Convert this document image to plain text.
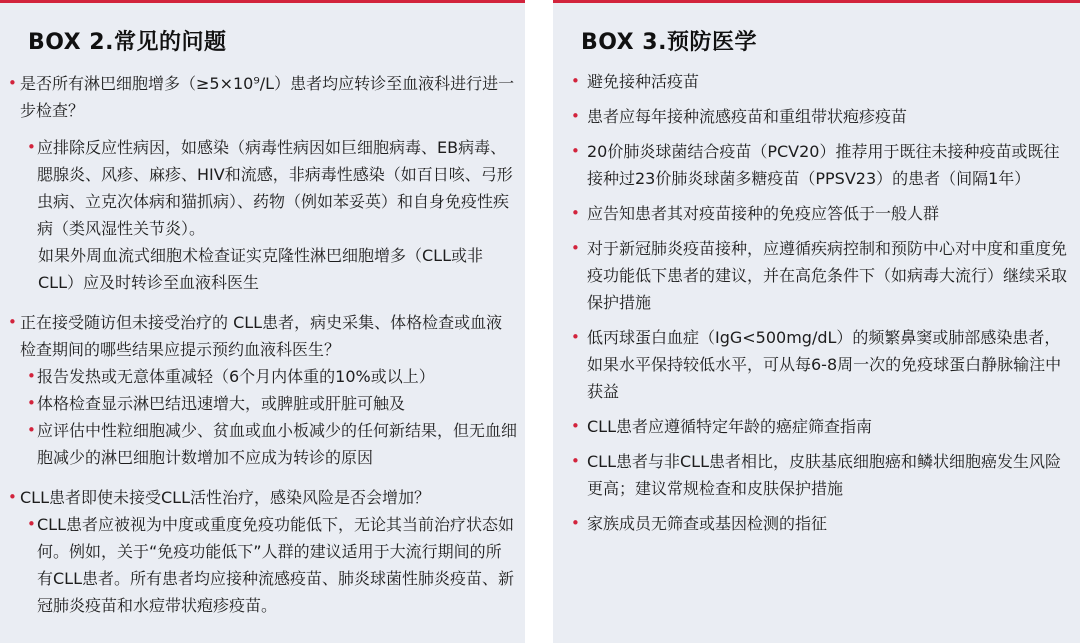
BOX 2.常见的问题
• 是否所有淋巴细胞增多（≥5×10⁹/L）患者均应转诊至血液科进行进一步检查？
• 应排除反应性病因，如感染（病毒性病因如巨细胞病毒、EB病毒、腮腺炎、风疹、麻疹、HIV和流感，非病毒性感染（如百日咳、弓形虫病、立克次体病和猫抓病）、药物（例如苯妥英）和自身免疫性疾病（类风湿性关节炎）。
如果外周血流式细胞术检查证实克隆性淋巴细胞增多（CLL或非CLL）应及时转诊至血液科医生
• 正在接受随访但未接受治疗的 CLL患者，病史采集、体格检查或血液检查期间的哪些结果应提示预约血液科医生？
• 报告发热或无意体重减轻（6个月内体重的10%或以上）
• 体格检查显示淋巴结迅速增大，或脾脏或肝脏可触及
• 应评估中性粒细胞减少、贫血或血小板减少的任何新结果，但无血细胞减少的淋巴细胞计数增加不应成为转诊的原因
• CLL患者即使未接受CLL活性治疗，感染风险是否会增加？
• CLL患者应被视为中度或重度免疫功能低下，无论其当前治疗状态如何。例如，关于“免疫功能低下”人群的建议适用于大流行期间的所有CLL患者。所有患者均应接种流感疫苗、肺炎球菌性肺炎疫苗、新冠肺炎疫苗和水痘带状疱疹疫苗。
BOX 3.预防医学
• 避免接种活疫苗
• 患者应每年接种流感疫苗和重组带状疱疹疫苗
• 20价肺炎球菌结合疫苗（PCV20）推荐用于既往未接种疫苗或既往接种过23价肺炎球菌多糖疫苗（PPSV23）的患者（间隔1年）
• 应告知患者其对疫苗接种的免疫应答低于一般人群
• 对于新冠肺炎疫苗接种，应遵循疾病控制和预防中心对中度和重度免疫功能低下患者的建议，并在高危条件下（如病毒大流行）继续采取保护措施
• 低丙球蛋白血症（IgG<500mg/dL）的频繁鼻窦或肺部感染患者，如果水平保持较低水平，可从每6-8周一次的免疫球蛋白静脉输注中获益
• CLL患者应遵循特定年龄的癌症筛查指南
• CLL患者与非CLL患者相比，皮肤基底细胞癌和鳞状细胞癌发生风险更高；建议常规检查和皮肤保护措施
• 家族成员无筛查或基因检测的指征
